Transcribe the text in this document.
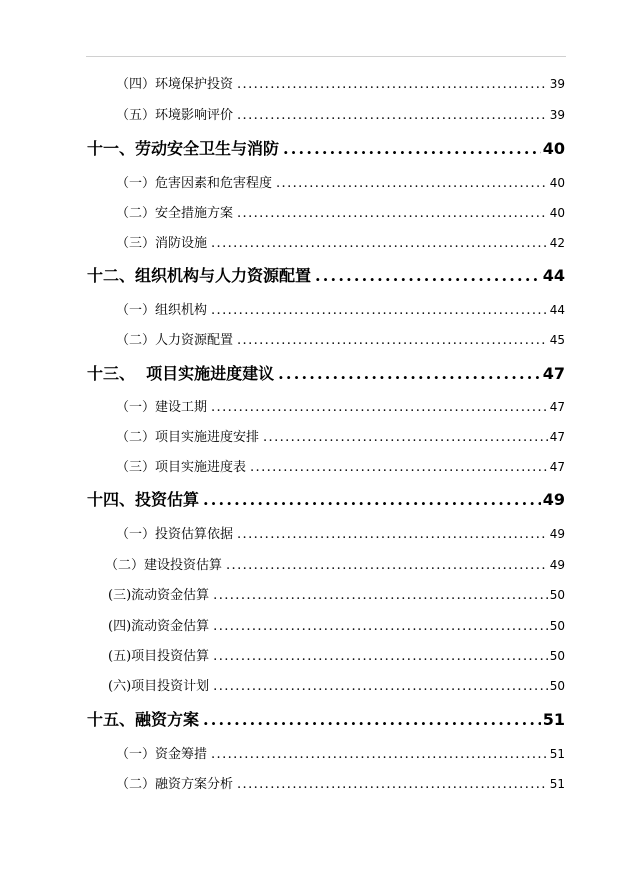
（四）环境保护投资 .....	39
（五）环境影响评价 .....	39
十一、劳动安全卫生与消防 .....	40
（一）危害因素和危害程度 .....	40
（二）安全措施方案 .....	40
（三）消防设施 .....	42
十二、组织机构与人力资源配置 .....	44
（一）组织机构 .....	44
（二）人力资源配置 .....	45
十三、  项目实施进度建议 .....	47
（一）建设工期 .....	47
（二）项目实施进度安排 .....	47
（三）项目实施进度表 .....	47
十四、投资估算 .....	49
（一）投资估算依据 .....	49
（二）建设投资估算 .....	49
(三)流动资金估算 .....	50
(四)流动资金估算 .....	50
(五)项目投资估算 .....	50
(六)项目投资计划 .....	50
十五、融资方案 .....	51
（一）资金筹措 .....	51
（二）融资方案分析 .....	51
